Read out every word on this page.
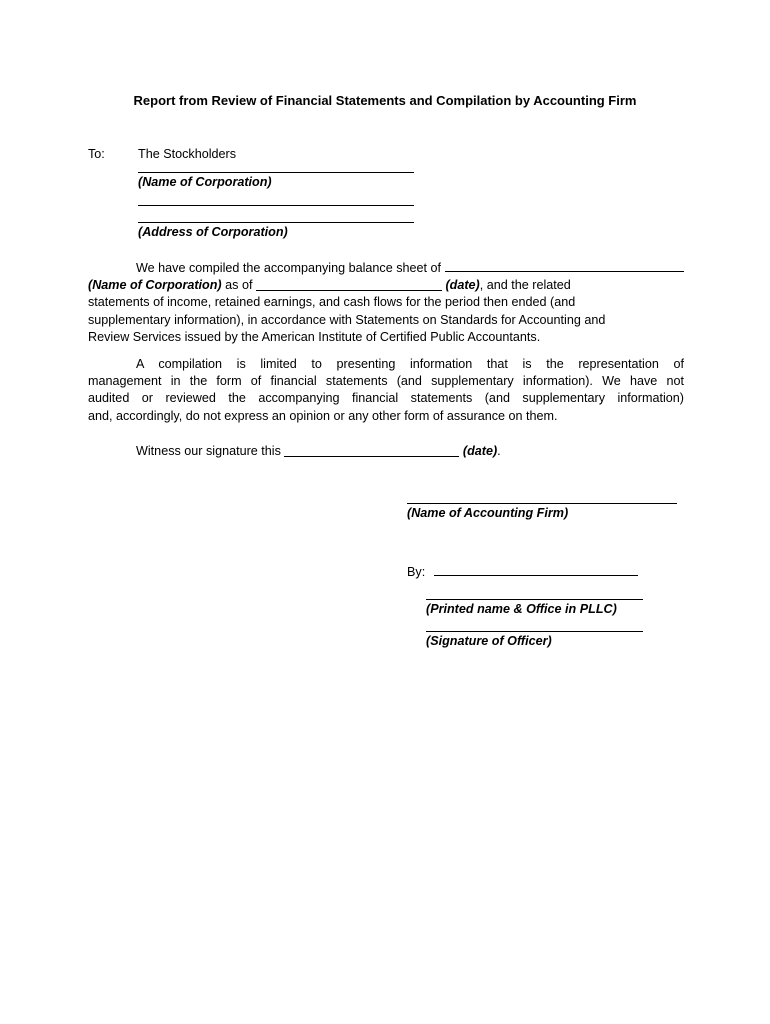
Report from Review of Financial Statements and Compilation by Accounting Firm
To:	The Stockholders
(Name of Corporation)
(Address of Corporation)
We have compiled the accompanying balance sheet of
(Name of Corporation) as of	(date), and the related
statements of income, retained earnings, and cash flows for the period then ended (and
supplementary information), in accordance with Statements on Standards for Accounting and
Review Services issued by the American Institute of Certified Public Accountants.
A compilation is limited to presenting information that is the representation of
management in the form of financial statements (and supplementary information). We have not
audited or reviewed the accompanying financial statements (and supplementary information)
and, accordingly, do not express an opinion or any other form of assurance on them.
Witness our signature this	(date).
(Name of Accounting Firm)
By:
(Printed name & Office in PLLC)
(Signature of Officer)
